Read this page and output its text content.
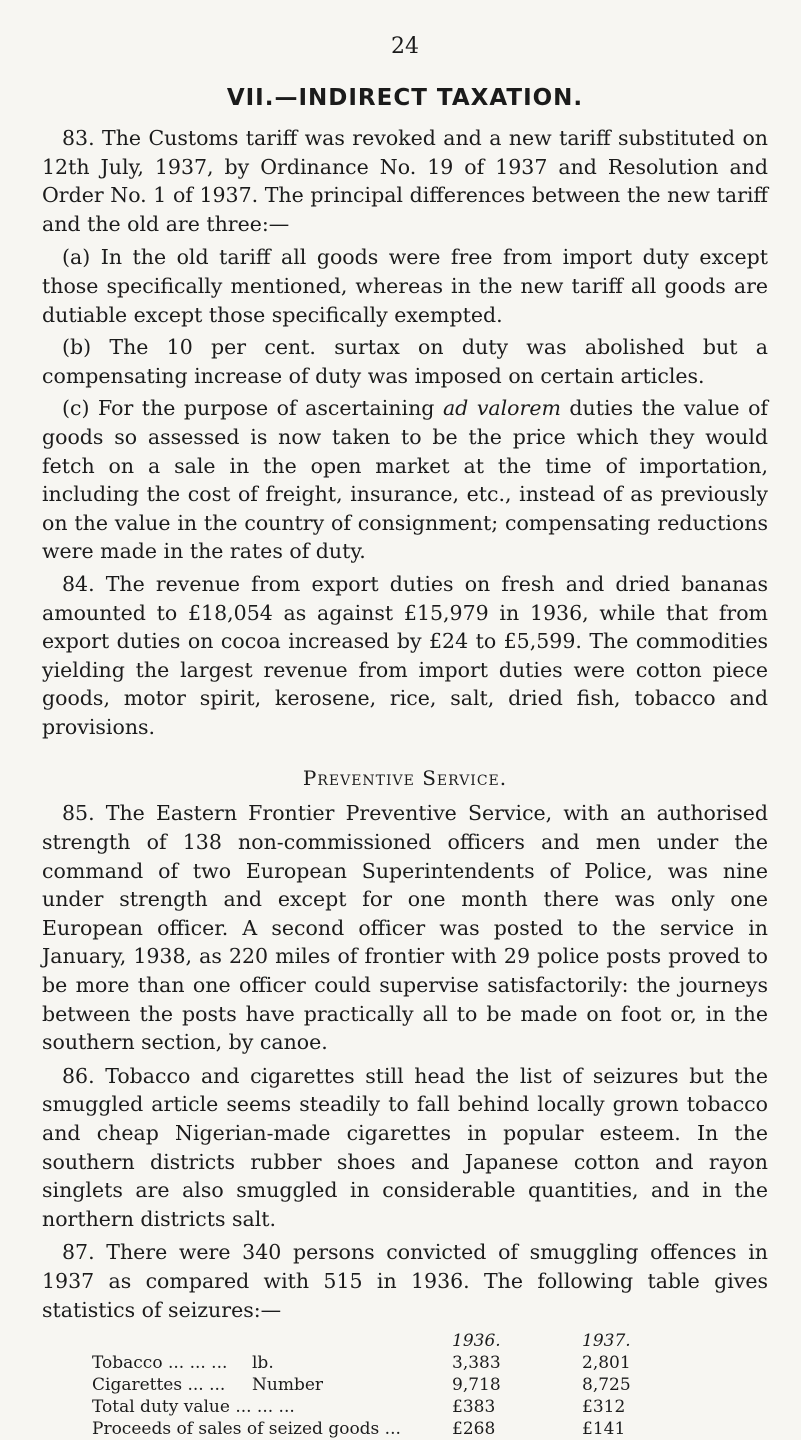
24
VII.—INDIRECT TAXATION.

83. The Customs tariff was revoked and a new tariff substituted on 12th July, 1937, by Ordinance No. 19 of 1937 and Resolution and Order No. 1 of 1937. The principal differences between the new tariff and the old are three:—

(a) In the old tariff all goods were free from import duty except those specifically mentioned, whereas in the new tariff all goods are dutiable except those specifically exempted.

(b) The 10 per cent. surtax on duty was abolished but a compensating increase of duty was imposed on certain articles.

(c) For the purpose of ascertaining ad valorem duties the value of goods so assessed is now taken to be the price which they would fetch on a sale in the open market at the time of importation, including the cost of freight, insurance, etc., instead of as previously on the value in the country of consignment; compensating reductions were made in the rates of duty.

84. The revenue from export duties on fresh and dried bananas amounted to £18,054 as against £15,979 in 1936, while that from export duties on cocoa increased by £24 to £5,599. The commodities yielding the largest revenue from import duties were cotton piece goods, motor spirit, kerosene, rice, salt, dried fish, tobacco and provisions.

Preventive Service.

85. The Eastern Frontier Preventive Service, with an authorised strength of 138 non-commissioned officers and men under the command of two European Superintendents of Police, was nine under strength and except for one month there was only one European officer. A second officer was posted to the service in January, 1938, as 220 miles of frontier with 29 police posts proved to be more than one officer could supervise satisfactorily: the journeys between the posts have practically all to be made on foot or, in the southern section, by canoe.

86. Tobacco and cigarettes still head the list of seizures but the smuggled article seems steadily to fall behind locally grown tobacco and cheap Nigerian-made cigarettes in popular esteem. In the southern districts rubber shoes and Japanese cotton and rayon singlets are also smuggled in considerable quantities, and in the northern districts salt.

87. There were 340 persons convicted of smuggling offences in 1937 as compared with 515 in 1936. The following table gives statistics of seizures:—

		1936.	1937.
Tobacco ... ... ...	lb.	3,383	2,801
Cigarettes ... ...	Number	9,718	8,725
Total duty value ... ... ...		£383	£312
Proceeds of sales of seized goods ...		£268	£141
